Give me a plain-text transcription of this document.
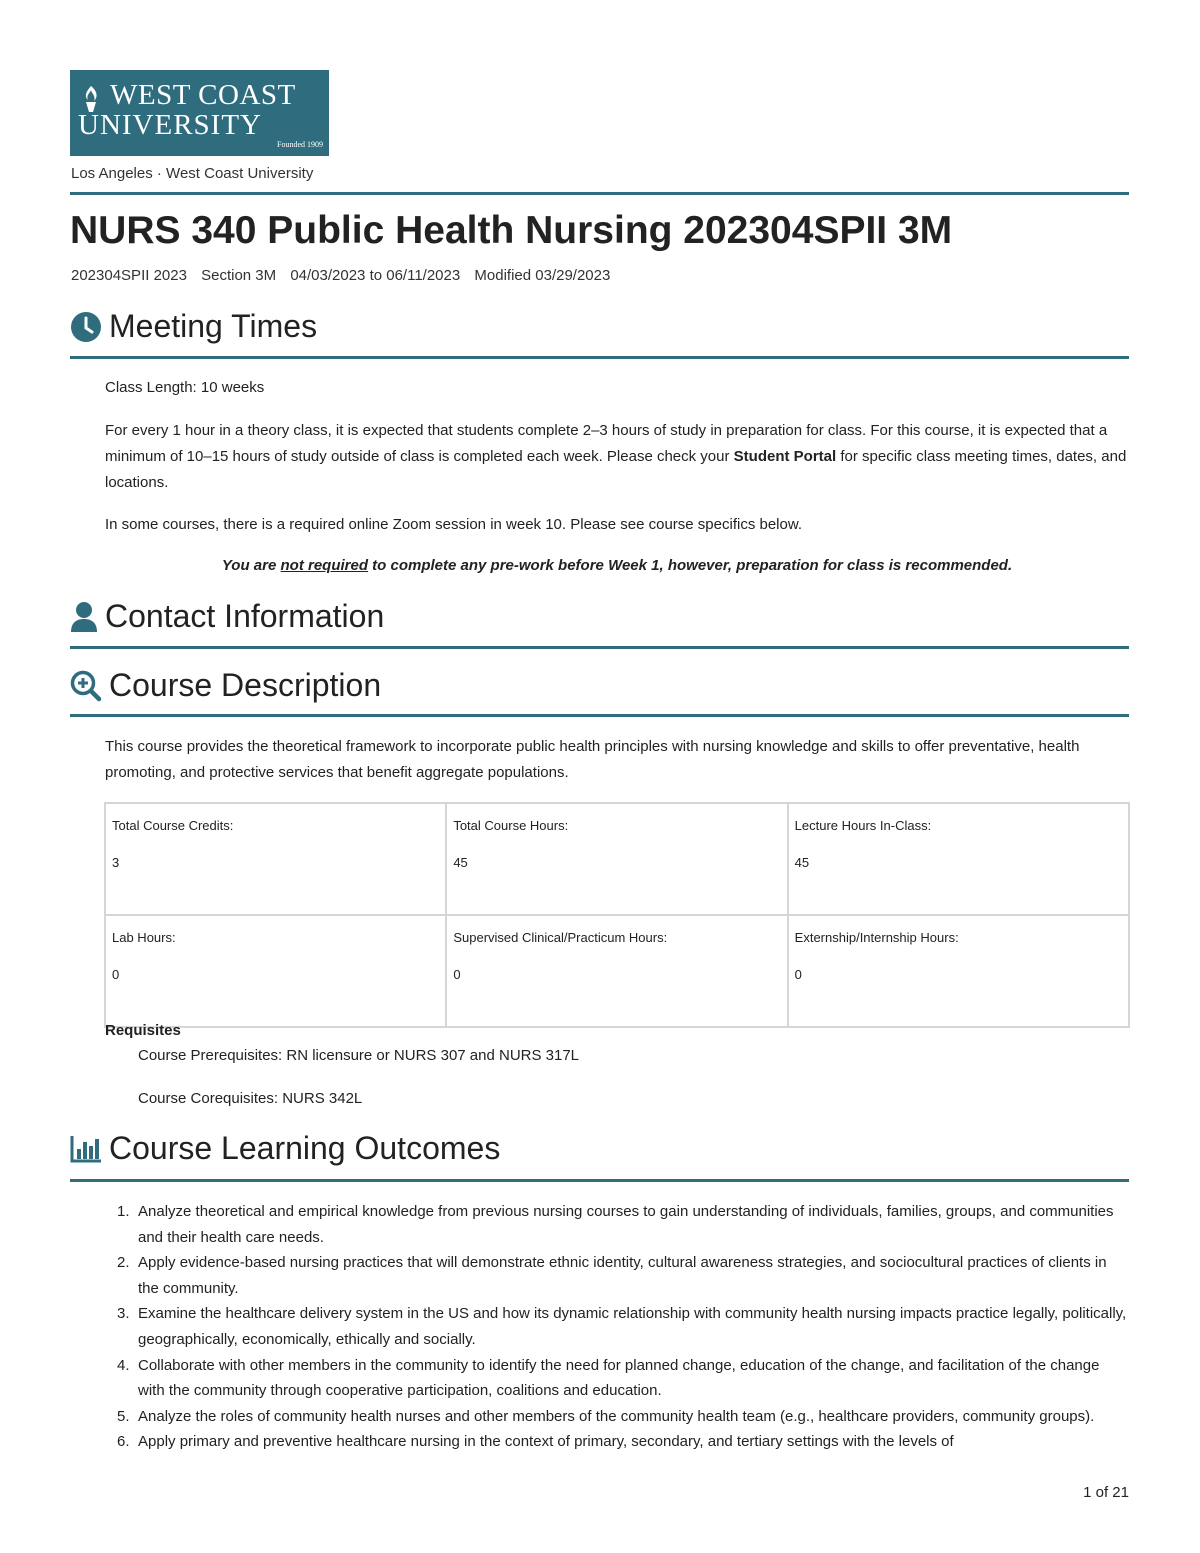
WEST COAST
UNIVERSITY
Founded 1909
Los Angeles · West Coast University
NURS 340 Public Health Nursing 202304SPII 3M
202304SPII 2023 Section 3M 04/03/2023 to 06/11/2023 Modified 03/29/2023
Meeting Times
Class Length: 10 weeks
For every 1 hour in a theory class, it is expected that students complete 2–3 hours of study in preparation for class. For this course, it is expected that a minimum of 10–15 hours of study outside of class is completed each week. Please check your Student Portal for specific class meeting times, dates, and locations.
In some courses, there is a required online Zoom session in week 10. Please see course specifics below.
You are not required to complete any pre-work before Week 1, however, preparation for class is recommended.
Contact Information
Course Description
This course provides the theoretical framework to incorporate public health principles with nursing knowledge and skills to offer preventative, health promoting, and protective services that benefit aggregate populations.
Total Course Credits:
3	Total Course Hours:
45	Lecture Hours In-Class:
45

Lab Hours:
0	Supervised Clinical/Practicum Hours:
0	Externship/Internship Hours:
0
Requisites
Course Prerequisites: RN licensure or NURS 307 and NURS 317L
Course Corequisites: NURS 342L
Course Learning Outcomes
1. Analyze theoretical and empirical knowledge from previous nursing courses to gain understanding of individuals, families, groups, and communities and their health care needs.
2. Apply evidence-based nursing practices that will demonstrate ethnic identity, cultural awareness strategies, and sociocultural practices of clients in the community.
3. Examine the healthcare delivery system in the US and how its dynamic relationship with community health nursing impacts practice legally, politically, geographically, economically, ethically and socially.
4. Collaborate with other members in the community to identify the need for planned change, education of the change, and facilitation of the change with the community through cooperative participation, coalitions and education.
5. Analyze the roles of community health nurses and other members of the community health team (e.g., healthcare providers, community groups).
6. Apply primary and preventive healthcare nursing in the context of primary, secondary, and tertiary settings with the levels of
1 of 21
